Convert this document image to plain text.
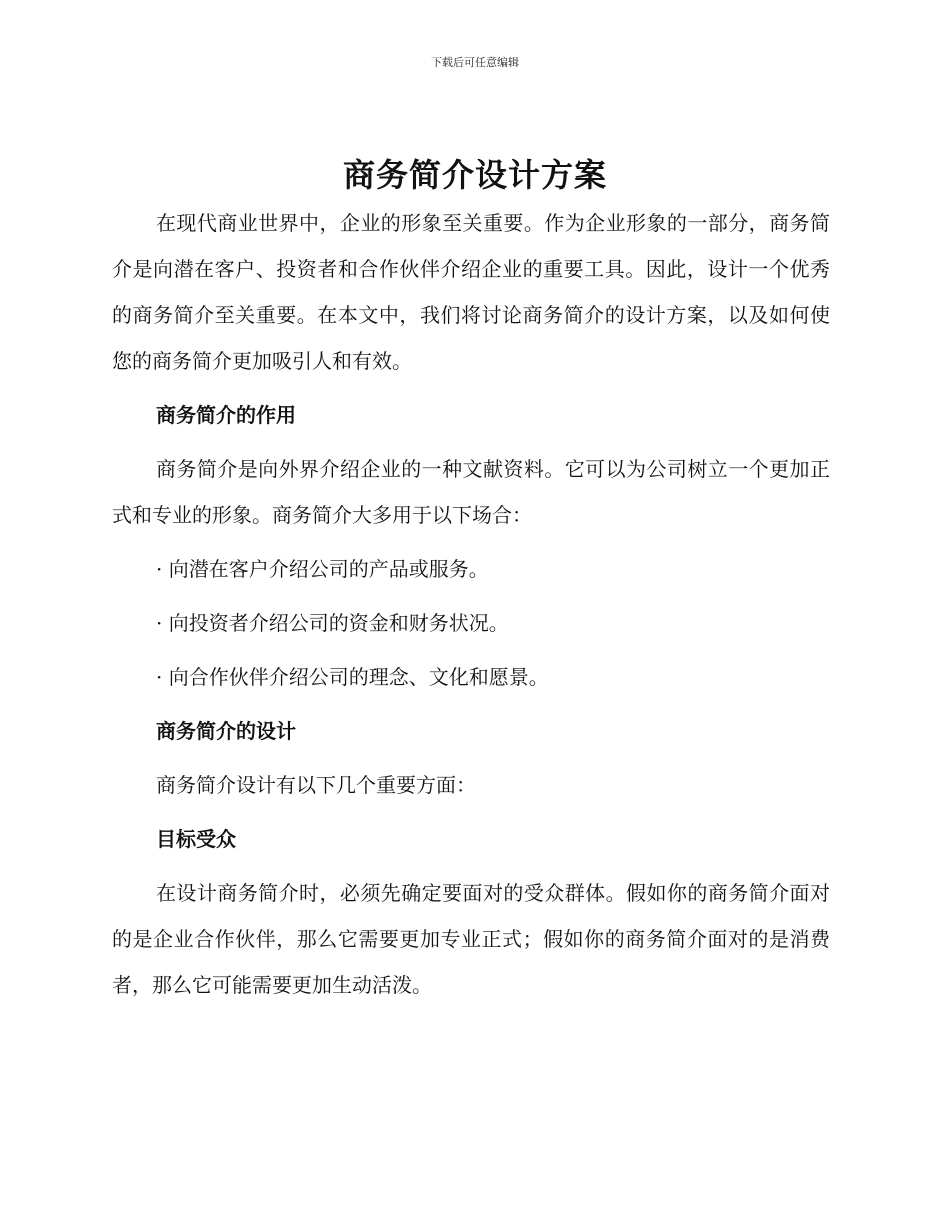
下载后可任意编辑
商务简介设计方案

在现代商业世界中，企业的形象至关重要。作为企业形象的一部分，商务简介是向潜在客户、投资者和合作伙伴介绍企业的重要工具。因此，设计一个优秀的商务简介至关重要。在本文中，我们将讨论商务简介的设计方案，以及如何使您的商务简介更加吸引人和有效。

商务简介的作用

商务简介是向外界介绍企业的一种文献资料。它可以为公司树立一个更加正式和专业的形象。商务简介大多用于以下场合：

· 向潜在客户介绍公司的产品或服务。
· 向投资者介绍公司的资金和财务状况。
· 向合作伙伴介绍公司的理念、文化和愿景。
商务简介的设计

商务简介设计有以下几个重要方面：

目标受众

在设计商务简介时，必须先确定要面对的受众群体。假如你的商务简介面对的是企业合作伙伴，那么它需要更加专业正式；假如你的商务简介面对的是消费者，那么它可能需要更加生动活泼。
